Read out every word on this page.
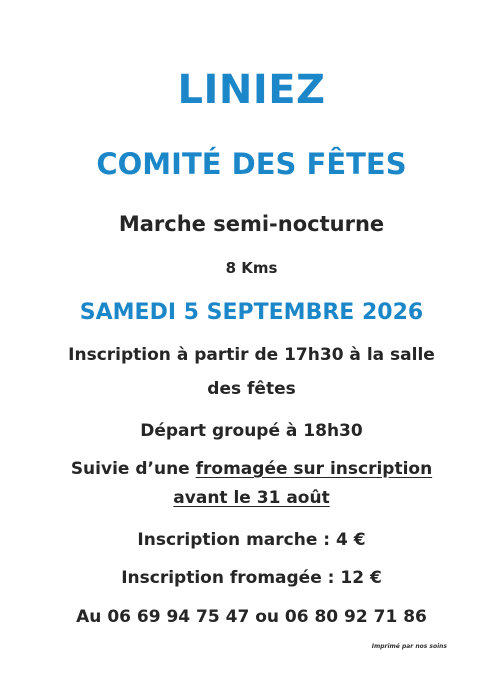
LINIEZ
COMITÉ DES FÊTES
Marche semi-nocturne
8 Kms
SAMEDI 5 SEPTEMBRE 2026
Inscription à partir de 17h30 à la salle
des fêtes
Départ groupé à 18h30
Suivie d’une fromagée sur inscription
avant le 31 août
Inscription marche : 4 €
Inscription fromagée : 12 €
Au 06 69 94 75 47 ou 06 80 92 71 86
Imprimé par nos soins
